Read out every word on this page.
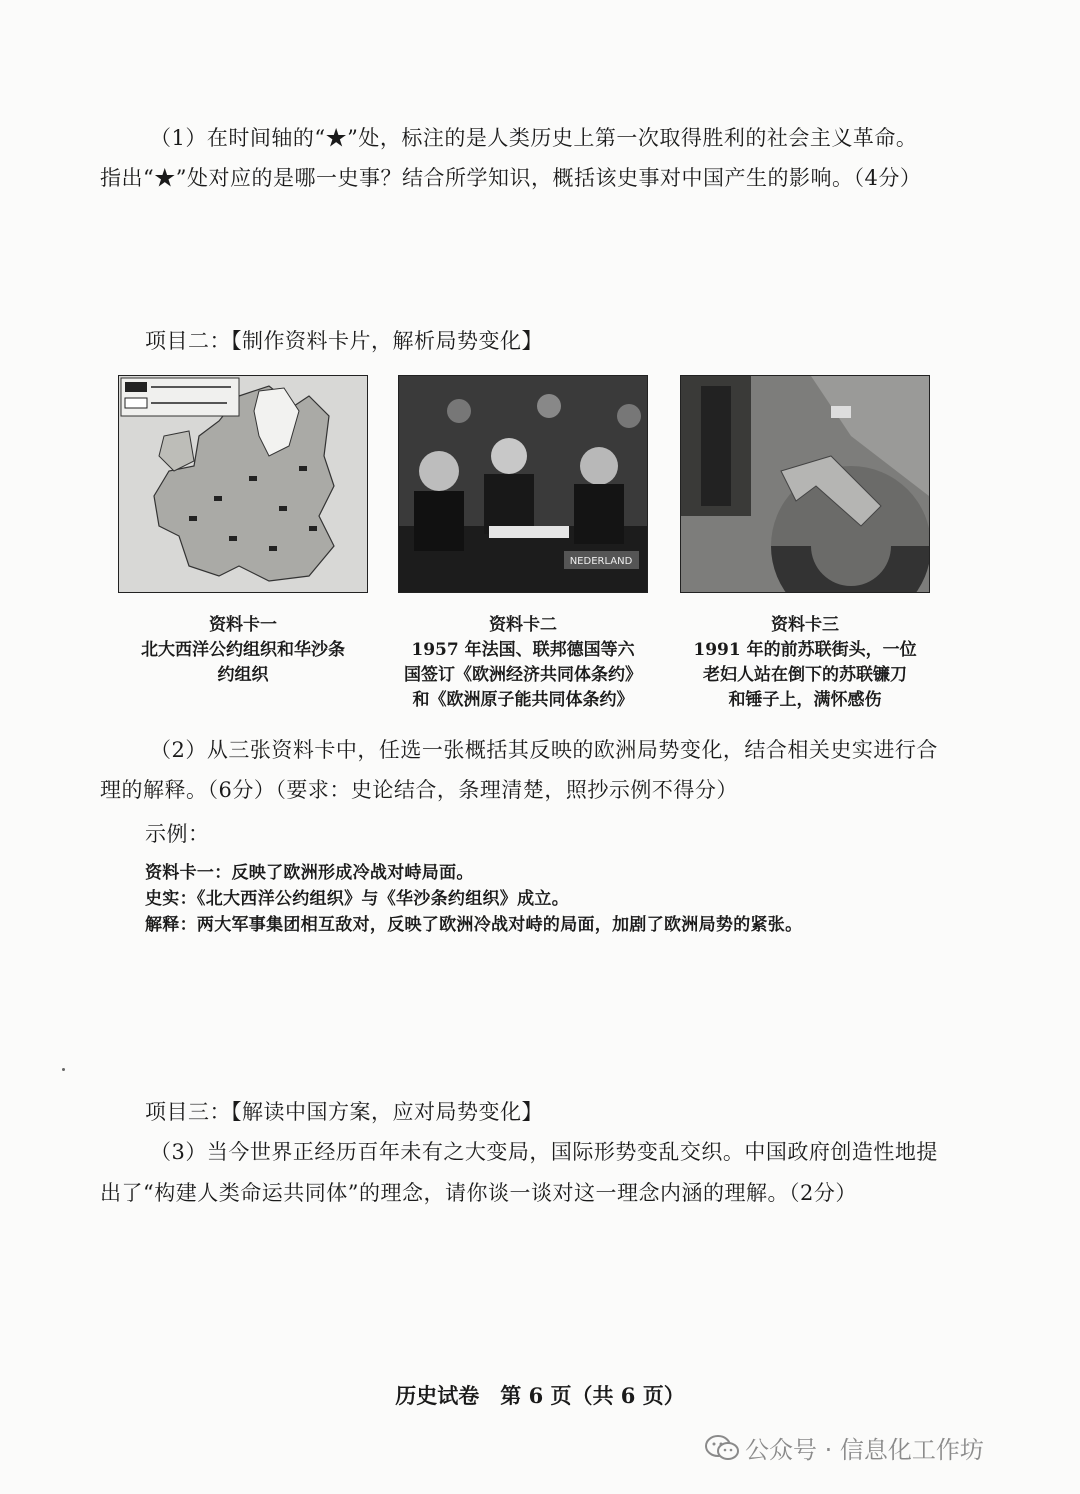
（1）在时间轴的“★”处，标注的是人类历史上第一次取得胜利的社会主义革命。
指出“★”处对应的是哪一史事？结合所学知识，概括该史事对中国产生的影响。（4分）
项目二：【制作资料卡片，解析局势变化】
资料卡一
北大西洋公约组织和华沙条
约组织
NEDERLAND
资料卡二
1957 年法国、联邦德国等六
国签订《欧洲经济共同体条约》
和《欧洲原子能共同体条约》
资料卡三
1991 年的前苏联街头，一位
老妇人站在倒下的苏联镰刀
和锤子上，满怀感伤
（2）从三张资料卡中，任选一张概括其反映的欧洲局势变化，结合相关史实进行合
理的解释。（6分）（要求：史论结合，条理清楚，照抄示例不得分）
示例：
资料卡一：反映了欧洲形成冷战对峙局面。
史实：《北大西洋公约组织》与《华沙条约组织》成立。
解释：两大军事集团相互敌对，反映了欧洲冷战对峙的局面，加剧了欧洲局势的紧张。
项目三：【解读中国方案，应对局势变化】
（3）当今世界正经历百年未有之大变局，国际形势变乱交织。中国政府创造性地提
出了“构建人类命运共同体”的理念，请你谈一谈对这一理念内涵的理解。（2分）
历史试卷　第 6 页（共 6 页）
公众号 · 信息化工作坊
